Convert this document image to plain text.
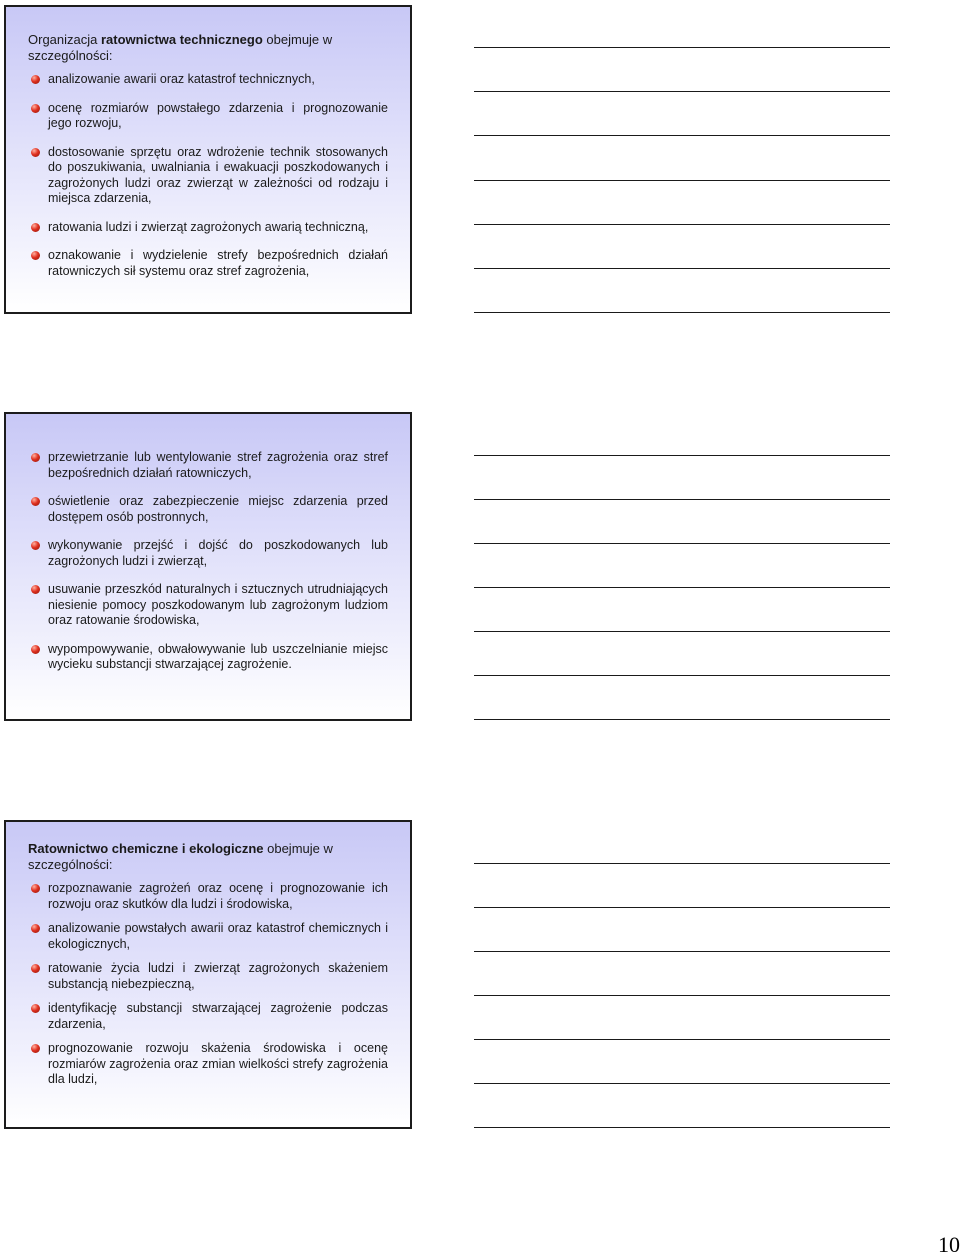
Organizacja ratownictwa technicznego obejmuje w szczególności:

analizowanie awarii oraz katastrof technicznych,
ocenę rozmiarów powstałego zdarzenia i prognozowanie jego rozwoju,
dostosowanie sprzętu oraz wdrożenie technik stosowanych do poszukiwania, uwalniania i ewakuacji poszkodowanych i zagrożonych ludzi oraz zwierząt w zależności od rodzaju i miejsca zdarzenia,
ratowania ludzi i zwierząt zagrożonych awarią techniczną,
oznakowanie i wydzielenie strefy bezpośrednich działań ratowniczych sił systemu oraz stref zagrożenia,
przewietrzanie lub wentylowanie stref zagrożenia oraz stref bezpośrednich działań ratowniczych,
oświetlenie oraz zabezpieczenie miejsc zdarzenia przed dostępem osób postronnych,
wykonywanie przejść i dojść do poszkodowanych lub zagrożonych ludzi i zwierząt,
usuwanie przeszkód naturalnych i sztucznych utrudniających niesienie pomocy poszkodowanym lub zagrożonym ludziom oraz ratowanie środowiska,
wypompowywanie, obwałowywanie lub uszczelnianie miejsc wycieku substancji stwarzającej zagrożenie.

Ratownictwo chemiczne i ekologiczne obejmuje w szczególności:

rozpoznawanie zagrożeń oraz ocenę i prognozowanie ich rozwoju oraz skutków dla ludzi i środowiska,
analizowanie powstałych awarii oraz katastrof chemicznych i ekologicznych,
ratowanie życia ludzi i zwierząt zagrożonych skażeniem substancją niebezpieczną,
identyfikację substancji stwarzającej zagrożenie podczas zdarzenia,
prognozowanie rozwoju skażenia środowiska i ocenę rozmiarów zagrożenia oraz zmian wielkości strefy zagrożenia dla ludzi,
10
